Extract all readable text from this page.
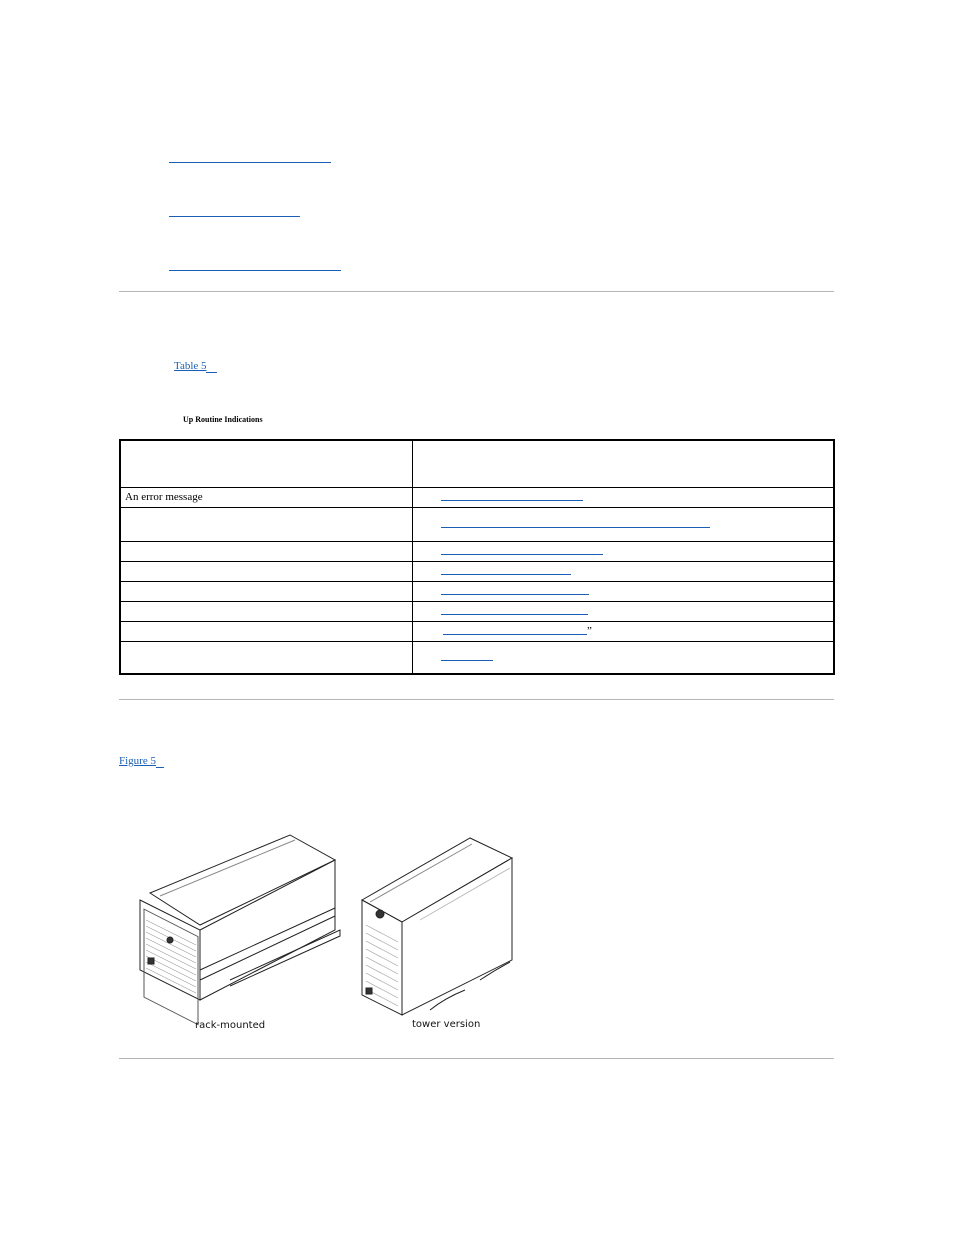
Table 5
Up Routine Indications

An error message	

	”

Figure 5
rack-mounted	tower version
